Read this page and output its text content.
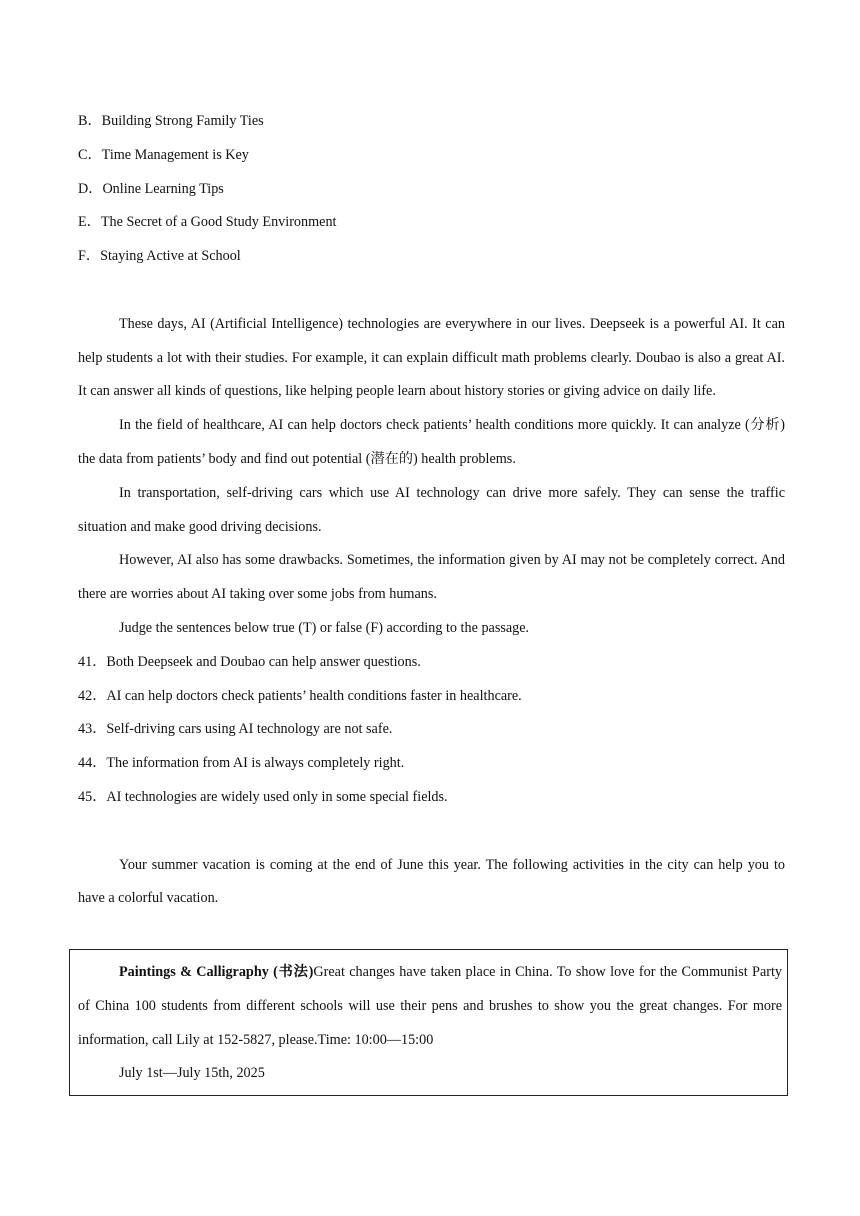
B．Building Strong Family Ties
C．Time Management is Key
D．Online Learning Tips
E．The Secret of a Good Study Environment
F．Staying Active at School
These days, AI (Artificial Intelligence) technologies are everywhere in our lives. Deepseek is a powerful AI. It can help students a lot with their studies. For example, it can explain difficult math problems clearly. Doubao is also a great AI. It can answer all kinds of questions, like helping people learn about history stories or giving advice on daily life.
In the field of healthcare, AI can help doctors check patients’ health conditions more quickly. It can analyze (分析) the data from patients’ body and find out potential (潜在的) health problems.
In transportation, self-driving cars which use AI technology can drive more safely. They can sense the traffic situation and make good driving decisions.
However, AI also has some drawbacks. Sometimes, the information given by AI may not be completely correct. And there are worries about AI taking over some jobs from humans.
Judge the sentences below true (T) or false (F) according to the passage.
41．Both Deepseek and Doubao can help answer questions.
42．AI can help doctors check patients’ health conditions faster in healthcare.
43．Self-driving cars using AI technology are not safe.
44．The information from AI is always completely right.
45．AI technologies are widely used only in some special fields.
Your summer vacation is coming at the end of June this year. The following activities in the city can help you to have a colorful vacation.
Paintings & Calligraphy (书法)Great changes have taken place in China. To show love for the Communist Party of China 100 students from different schools will use their pens and brushes to show you the great changes. For more information, call Lily at 152-5827, please.Time: 10:00—15:00
July 1st—July 15th, 2025
